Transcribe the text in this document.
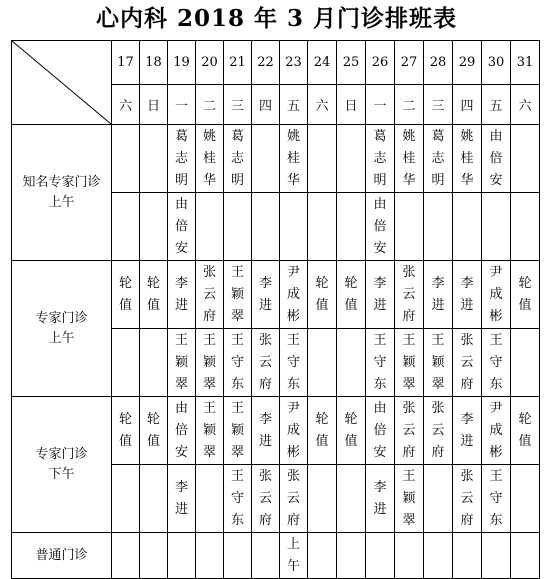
心内科 2018 年 3 月门诊排班表
	17	18	19	20	21	22	23	24	25	26	27	28	29	30	31
	六	日	一	二	三	四	五	六	日	一	二	三	四	五	六

知名专家门诊
上午			葛志明	姚桂华	葛志明		姚桂华			葛志明	姚桂华	葛志明	姚桂华	由倍安	
			由倍安							由倍安					

专家门诊
上午	轮值	轮值	李进	张云府	王颖翠	李进	尹成彬	轮值	轮值	李进	张云府	李进	李进	尹成彬	轮值
			王颖翠	王颖翠	王守东	张云府	王守东			王守东	王颖翠	王颖翠	张云府	王守东	

专家门诊
下午	轮值	轮值	由倍安	王颖翠	王颖翠	李进	尹成彬	轮值	轮值	由倍安	张云府	张云府	李进	尹成彬	轮值
			李进		王守东	张云府	张云府			李进	王颖翠		张云府	王守东	

普通门诊							上午								
